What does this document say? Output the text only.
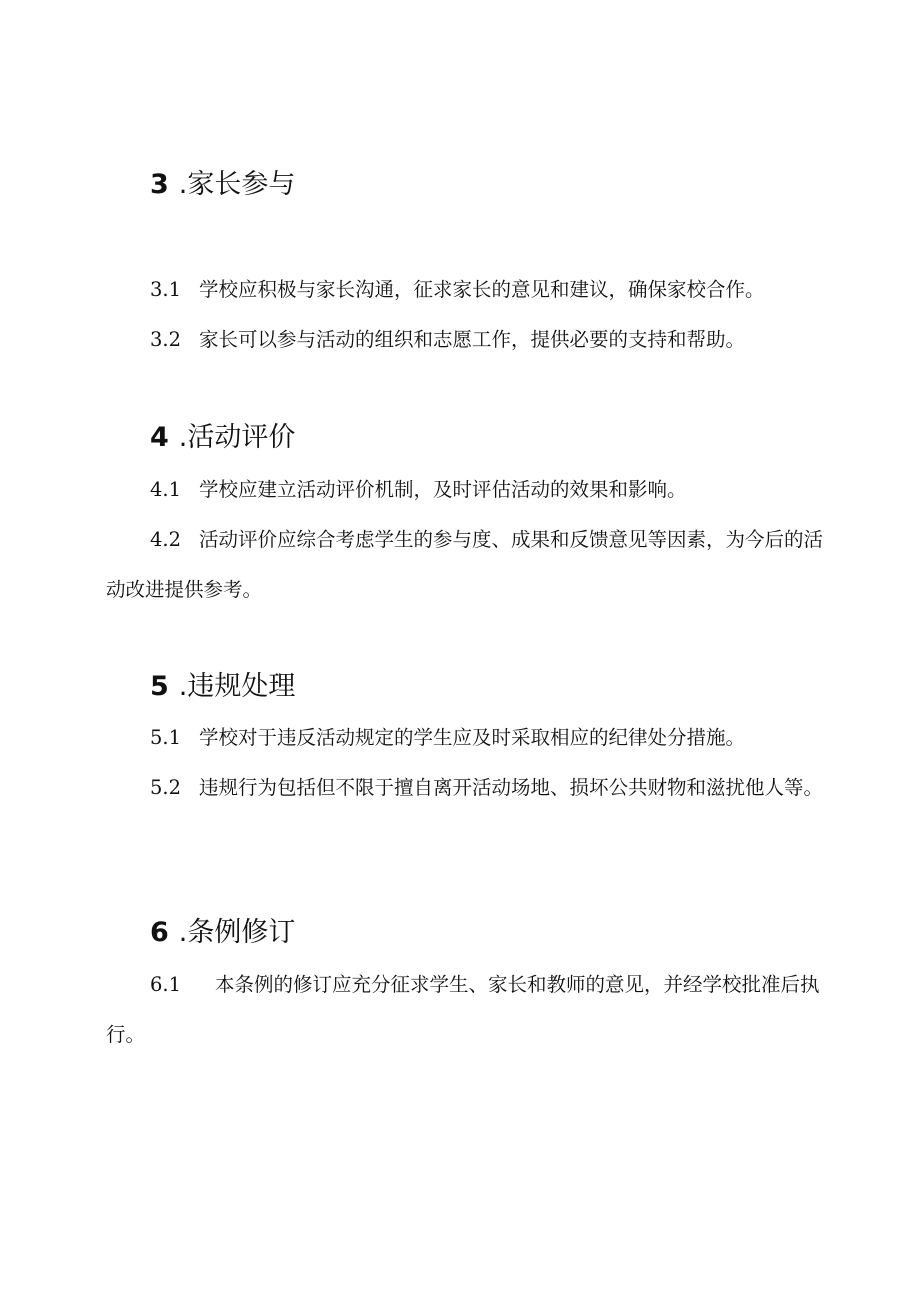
3 .家长参与

3.1 学校应积极与家长沟通，征求家长的意见和建议，确保家校合作。

3.2 家长可以参与活动的组织和志愿工作，提供必要的支持和帮助。

4 .活动评价

4.1 学校应建立活动评价机制，及时评估活动的效果和影响。

4.2 活动评价应综合考虑学生的参与度、成果和反馈意见等因素，为今后的活动改进提供参考。

5 .违规处理

5.1 学校对于违反活动规定的学生应及时采取相应的纪律处分措施。

5.2 违规行为包括但不限于擅自离开活动场地、损坏公共财物和滋扰他人等。

6 .条例修订

6.1 本条例的修订应充分征求学生、家长和教师的意见，并经学校批准后执行。
